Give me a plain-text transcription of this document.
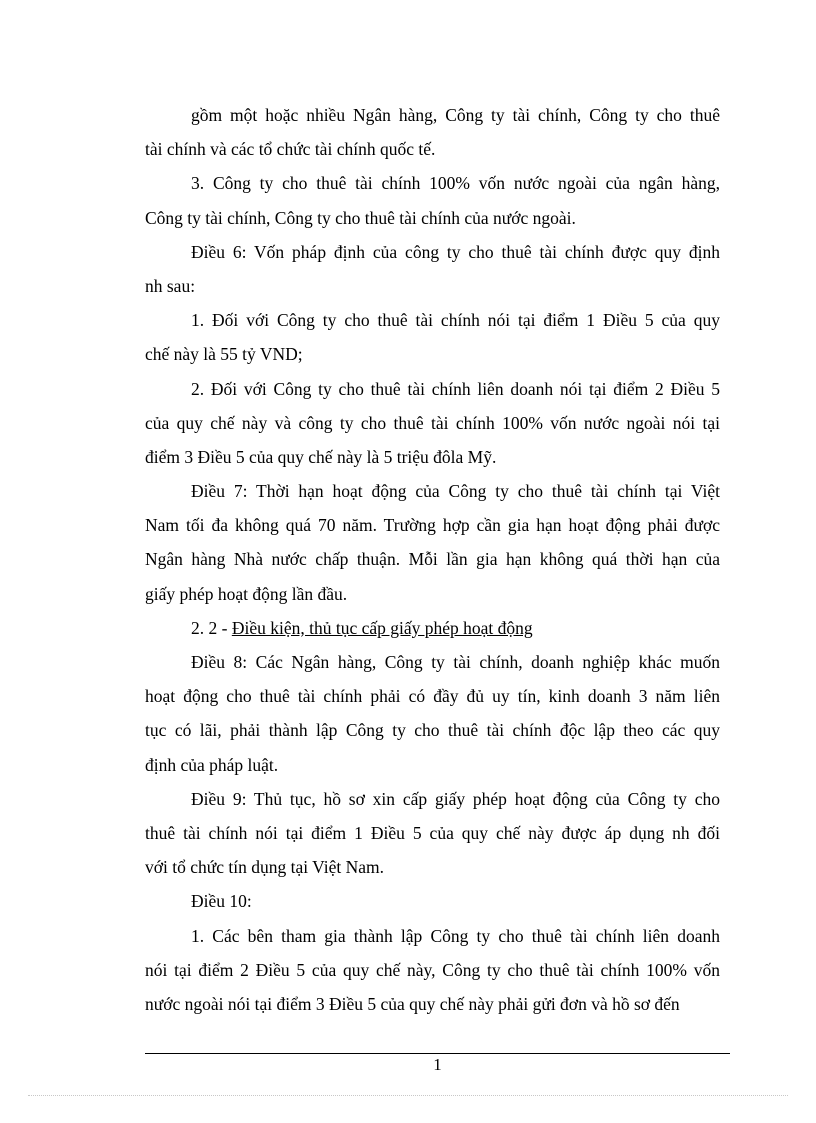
gồm một hoặc nhiều Ngân hàng, Công ty tài chính, Công ty cho thuê
tài chính và các tổ chức tài chính quốc tế.
3. Công ty cho thuê tài chính 100% vốn nước ngoài của ngân hàng,
Công ty tài chính, Công ty cho thuê tài chính của nước ngoài.
Điều 6: Vốn pháp định của công ty cho thuê tài chính được quy định
nh sau:
1. Đối với Công ty cho thuê tài chính nói tại điểm 1 Điều 5 của quy
chế này là 55 tỷ VND;
2. Đối với Công ty cho thuê tài chính liên doanh nói tại điểm 2 Điều 5
của quy chế này và công ty cho thuê tài chính 100% vốn nước ngoài nói tại
điểm 3 Điều 5 của quy chế này là 5 triệu đôla Mỹ.
Điều 7: Thời hạn hoạt động của Công ty cho thuê tài chính tại Việt
Nam tối đa không quá 70 năm. Trường hợp cần gia hạn hoạt động phải được
Ngân hàng Nhà nước chấp thuận. Mỗi lần gia hạn không quá thời hạn của
giấy phép hoạt động lần đầu.
2. 2 - Điều kiện, thủ tục cấp giấy phép hoạt động
Điều 8: Các Ngân hàng, Công ty tài chính, doanh nghiệp khác muốn
hoạt động cho thuê tài chính phải có đầy đủ uy tín, kinh doanh 3 năm liên
tục có lãi, phải thành lập Công ty cho thuê tài chính độc lập theo các quy
định của pháp luật.
Điều 9: Thủ tục, hồ sơ xin cấp giấy phép hoạt động của Công ty cho
thuê tài chính nói tại điểm 1 Điều 5 của quy chế này được áp dụng nh đối
với tổ chức tín dụng tại Việt Nam.
Điều 10:
1. Các bên tham gia thành lập Công ty cho thuê tài chính liên doanh
nói tại điểm 2 Điều 5 của quy chế này, Công ty cho thuê tài chính 100% vốn
nước ngoài nói tại điểm 3 Điều 5 của quy chế này phải gửi đơn và hồ sơ đến
1
